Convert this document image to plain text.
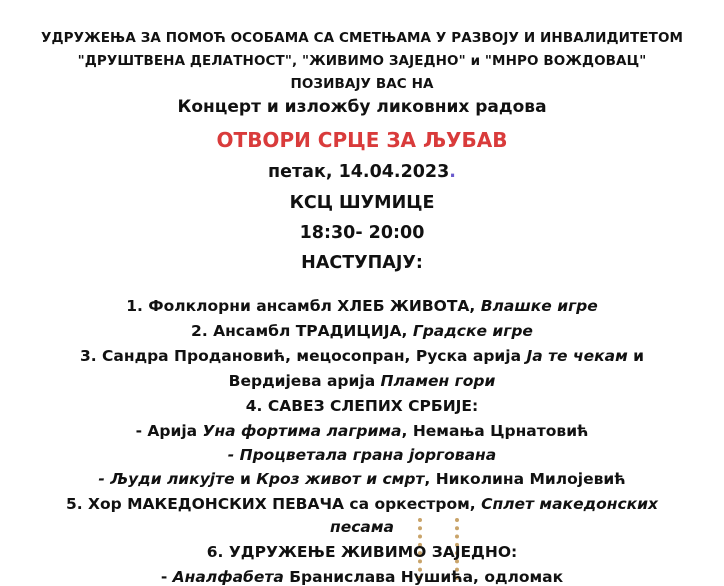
УДРУЖЕЊА ЗА ПОМОЋ ОСОБАМА СА СМЕТЊАМА У РАЗВОЈУ И ИНВАЛИДИТЕТОМ
"ДРУШТВЕНА ДЕЛАТНОСТ", "ЖИВИМО ЗАЈЕДНО" и "МНРО ВОЖДОВАЦ"
ПОЗИВАЈУ ВАС НА
Концерт и изложбу ликовних радова
ОТВОРИ СРЦЕ ЗА ЉУБАВ
петак, 14.04.2023.
КСЦ ШУМИЦЕ
18:30- 20:00
НАСТУПАЈУ:
1. Фолклорни ансамбл ХЛЕБ ЖИВОТА, Влашке игре
2. Ансамбл ТРАДИЦИЈА, Градске игре
3. Сандра Продановић, мецосопран, Руска арија Ја те чекам и
Вердијева арија Пламен гори
4. САВЕЗ СЛЕПИХ СРБИЈЕ:
- Арија Уна фортима лагрима, Немања Црнатовић
- Процветала грана јоргована
- Људи ликујте и Кроз живот и смрт, Николина Милојевић
5. Хор МАКЕДОНСКИХ ПЕВАЧА са оркестром, Сплет македонских
песама
6. УДРУЖЕЊЕ ЖИВИМО ЗАЈЕДНО:
- Аналфабета Бранислава Нушића, одломак
